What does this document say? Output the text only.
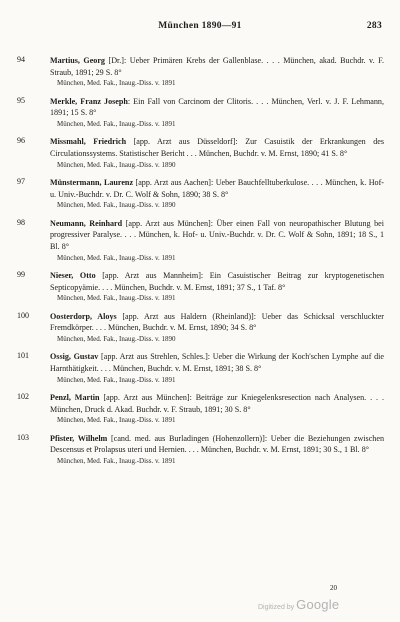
München 1890—91	283
94	Martius, Georg [Dr.]: Ueber Primären Krebs der Gallenblase. . . . München, akad. Buchdr. v. F. Straub, 1891; 29 S. 8°
München, Med. Fak., Inaug.-Diss. v. 1891
95	Merkle, Franz Joseph: Ein Fall von Carcinom der Clitoris. . . . München, Verl. v. J. F. Lehmann, 1891; 15 S. 8°
München, Med. Fak., Inaug.-Diss. v. 1891
96	Missmahl, Friedrich [app. Arzt aus Düsseldorf]: Zur Casuistik der Erkrankungen des Circulationssystems. Statistischer Bericht . . . München, Buchdr. v. M. Ernst, 1890; 41 S. 8°
München, Med. Fak., Inaug.-Diss. v. 1890
97	Münstermann, Laurenz [app. Arzt aus Aachen]: Ueber Bauchfelltuberkulose. . . . München, k. Hof- u. Univ.-Buchdr. v. Dr. C. Wolf & Sohn, 1890; 38 S. 8°
München, Med. Fak., Inaug.-Diss. v. 1890
98	Neumann, Reinhard [app. Arzt aus München]: Über einen Fall von neuropathischer Blutung bei progressiver Paralyse. . . . München, k. Hof- u. Univ.-Buchdr. v. Dr. C. Wolf & Sohn, 1891; 18 S., 1 Bl. 8°
München, Med. Fak., Inaug.-Diss. v. 1891
99	Nieser, Otto [app. Arzt aus Mannheim]: Ein Casuistischer Beitrag zur kryptogenetischen Septicopyämie. . . . München, Buchdr. v. M. Ernst, 1891; 37 S., 1 Taf. 8°
München, Med. Fak., Inaug.-Diss. v. 1891
100	Oosterdorp, Aloys [app. Arzt aus Haldern (Rheinland)]: Ueber das Schicksal verschluckter Fremdkörper. . . . München, Buchdr. v. M. Ernst, 1890; 34 S. 8°
München, Med. Fak., Inaug.-Diss. v. 1890
101	Ossig, Gustav [app. Arzt aus Strehlen, Schles.]: Ueber die Wirkung der Koch'schen Lymphe auf die Harnthätigkeit. . . . München, Buchdr. v. M. Ernst, 1891; 38 S. 8°
München, Med. Fak., Inaug.-Diss. v. 1891
102	Penzl, Martin [app. Arzt aus München]: Beiträge zur Kniegelenksresection nach Analysen. . . . München, Druck d. Akad. Buchdr. v. F. Straub, 1891; 30 S. 8°
München, Med. Fak., Inaug.-Diss. v. 1891
103	Pfister, Wilhelm [cand. med. aus Burladingen (Hohenzollern)]: Ueber die Beziehungen zwischen Descensus et Prolapsus uteri und Hernien. . . . München, Buchdr. v. M. Ernst, 1891; 30 S., 1 Bl. 8°
München, Med. Fak., Inaug.-Diss. v. 1891
20
Digitized by Google
